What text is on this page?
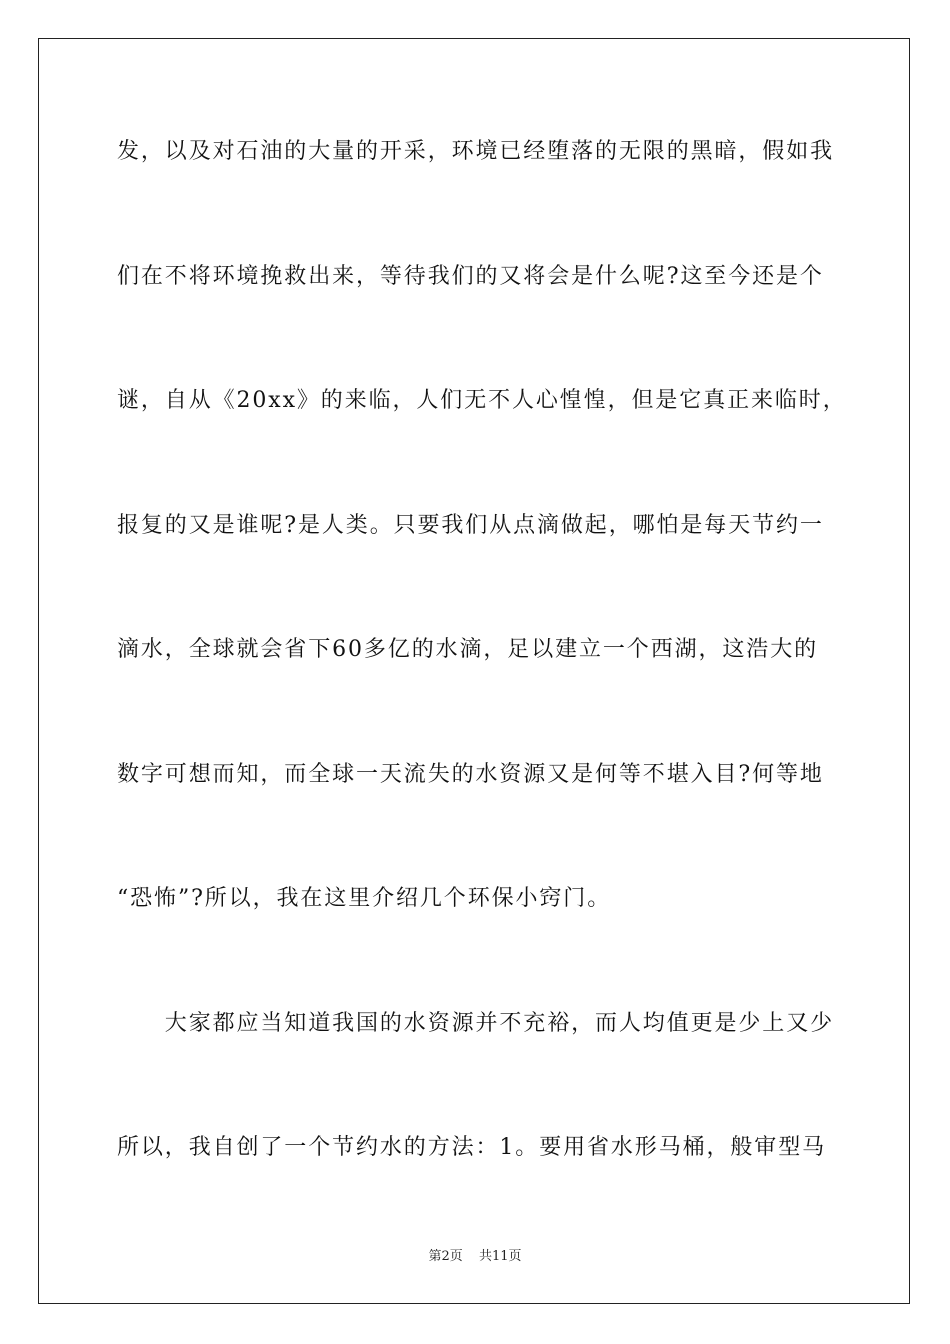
发，以及对石油的大量的开采，环境已经堕落的无限的黑暗，假如我
们在不将环境挽救出来，等待我们的又将会是什么呢?这至今还是个
谜，自从《20xx》的来临，人们无不人心惶惶，但是它真正来临时，
报复的又是谁呢?是人类。只要我们从点滴做起，哪怕是每天节约一
滴水，全球就会省下60多亿的水滴，足以建立一个西湖，这浩大的
数字可想而知，而全球一天流失的水资源又是何等不堪入目?何等地
“恐怖”?所以，我在这里介绍几个环保小窍门。
　　大家都应当知道我国的水资源并不充裕，而人均值更是少上又少
所以，我自创了一个节约水的方法：1。要用省水形马桶，般审型马
第2页 共11页
